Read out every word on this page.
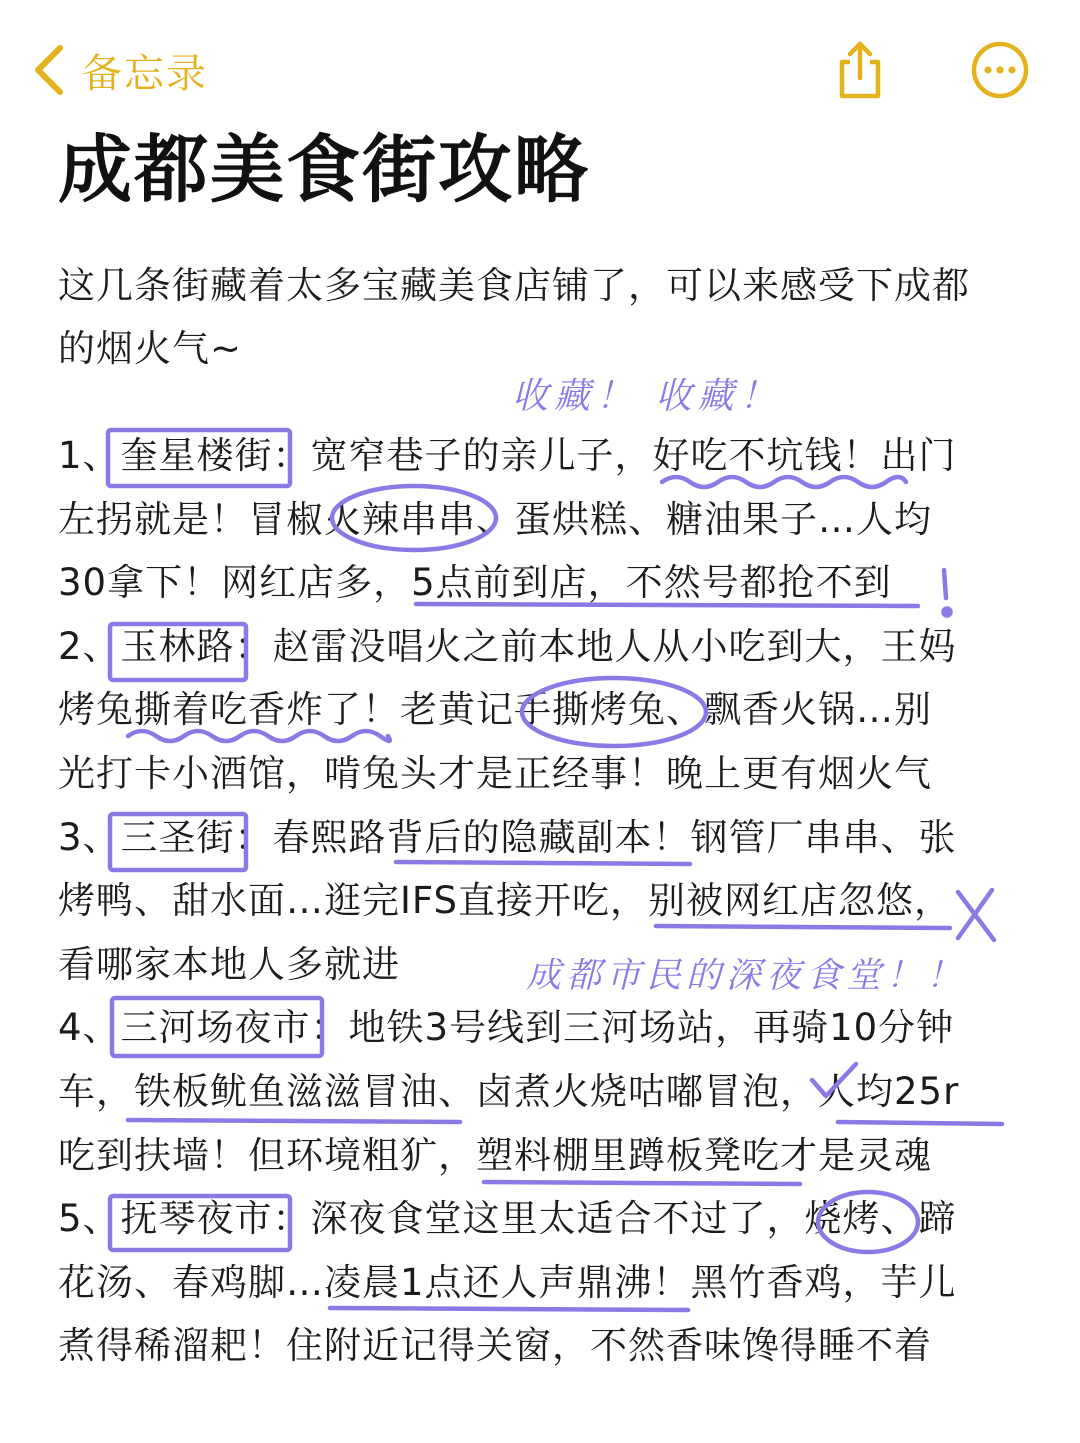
备忘录
成都美食街攻略

这几条街藏着太多宝藏美食店铺了，可以来感受下成都的烟火气~

1、奎星楼街：宽窄巷子的亲儿子，好吃不坑钱！出门
左拐就是！冒椒火辣串串、蛋烘糕、糖油果子…人均
30拿下！网红店多，5点前到店，不然号都抢不到
2、玉林路：赵雷没唱火之前本地人从小吃到大，王妈
烤兔撕着吃香炸了！老黄记手撕烤兔、飘香火锅…别
光打卡小酒馆，啃兔头才是正经事！晚上更有烟火气
3、三圣街：春熙路背后的隐藏副本！钢管厂串串、张
烤鸭、甜水面…逛完IFS直接开吃，别被网红店忽悠，
看哪家本地人多就进
4、三河场夜市：地铁3号线到三河场站，再骑10分钟
车，铁板鱿鱼滋滋冒油、卤煮火烧咕嘟冒泡，人均25r
吃到扶墙！但环境粗犷，塑料棚里蹲板凳吃才是灵魂
5、抚琴夜市：深夜食堂这里太适合不过了，烧烤、蹄
花汤、春鸡脚…凌晨1点还人声鼎沸！黑竹香鸡，芋儿
煮得稀溜耙！住附近记得关窗，不然香味馋得睡不着
收藏！ 收藏！
成都市民的深夜食堂！！
